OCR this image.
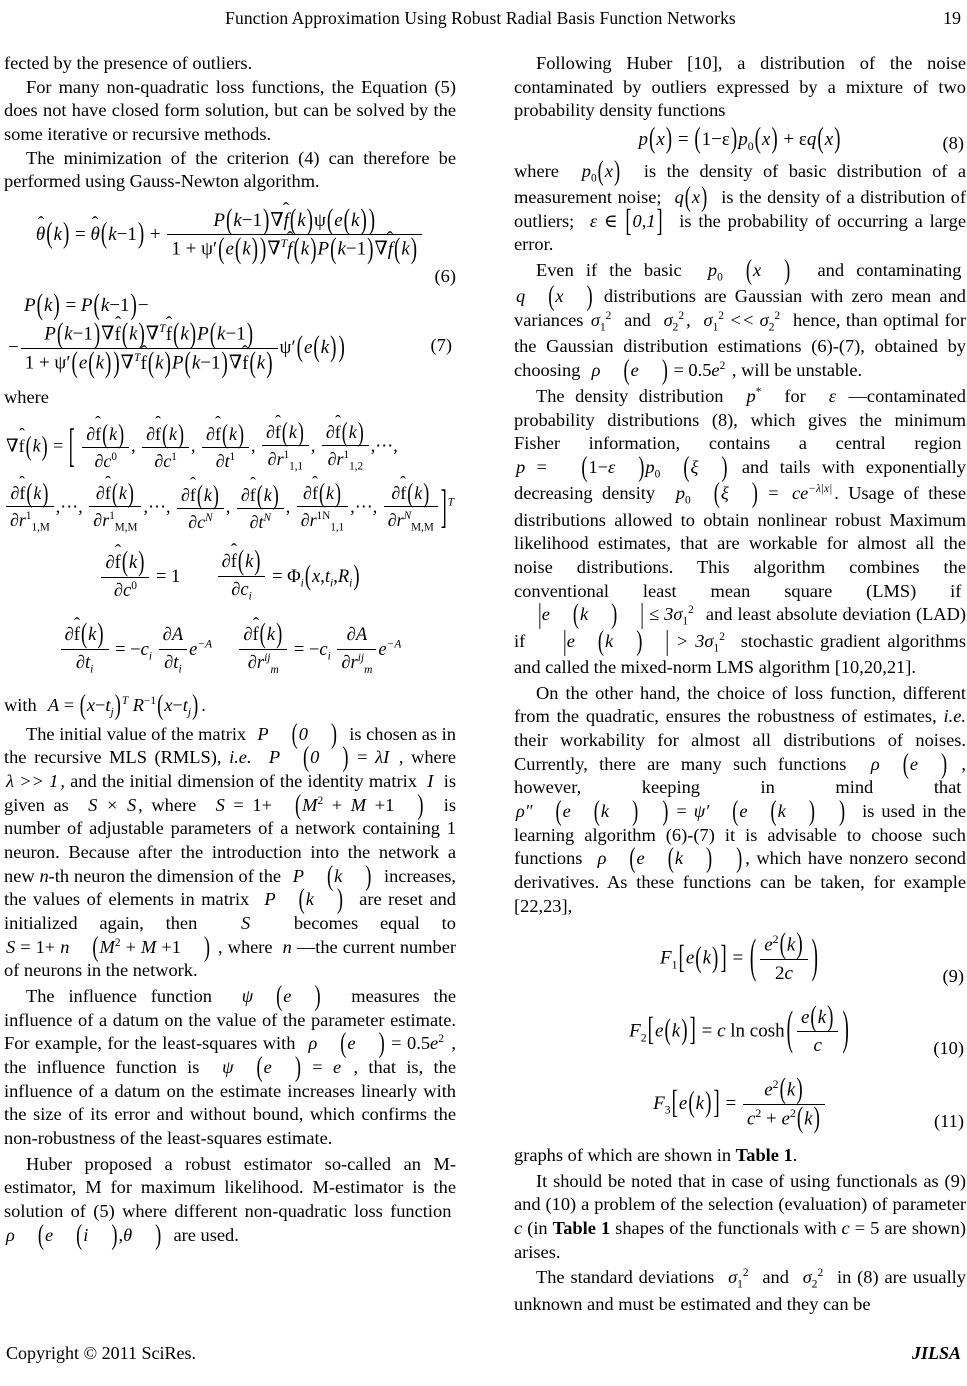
Function Approximation Using Robust Radial Basis Function Networks	19

fected by the presence of outliers.

For many non-quadratic loss functions, the Equation (5) does not have closed form solution, but can be solved by the some iterative or recursive methods.

The minimization of the criterion (4) can therefore be performed using Gauss-Newton algorithm.

θ ˆ(k) = θ ˆ(k−1) + $\frac{\text{P(k−1)∇f ˆ(k)ψ(e(k) )}}{1 + \psi'(e(k) )\nabla^Tf ˆ(k)P(k-1)\nabla f ˆ(k)}$
(6)
P(k) = P(k−1)−
− $\frac{P(k-1)\nabla f ˆ(k)\nabla^Tf ˆ(k)P(k-1)}{1 + \psi'(e(k) )\nabla^Tf ˆ(k)P(k-1)\nabla f ˆ(k)} \psi'(e(k)$ )	(7)

where

∇f ˆ(k) = [ $\frac{\text{∂f ˆ(k)}}{\partial c^0}$ , $\frac{\text{∂f ˆ(k)}}{\partial c^1}$ , $\frac{\text{∂f ˆ(k)}}{\partial t^1}$ , $\frac{\text{∂f ˆ(k)}}{\partial r^1_{1,1}}$ , $\frac{\text{∂f ˆ(k)}}{\partial r^1_{1,2}}$ ,⋯,
$\frac{\text{∂f ˆ(k)}}{\partial r^1_{1,M}}$ ,⋯, $\frac{\text{∂f ˆ(k)}}{\partial r^1_{M,M}}$ ,⋯, $\frac{\text{∂f ˆ(k)}}{\partial c^N}$ , $\frac{\text{∂f ˆ(k)}}{\partial t^N}$ , $\frac{\text{∂f ˆ(k)}}{\partial r^{1N}_{1,1}}$ ,⋯, $\frac{\text{∂f ˆ(k)}}{\partial r^N_{M,M}} ]^T$
$\frac{\text{∂f ˆ(k)}}{\partial c^0} = 1 \frac{\text{∂f ˆ(k)}}{\partial c_i} = \Phi_i(x,t_i,R_i)$
$\frac{\text{∂f ˆ(k)}}{\partial t_i} = -c_i \frac{\partial A}{\partial t_i} e^{-A} \frac{\text{∂f ˆ(k)}}{\partial r^{ij}_m} = -c_i \frac{\partial A}{\partial r^{ij}_m} e^{-A}$

with  $A = (x-t_j)^T$ $R^{-1}(x-t_j)$ .

The initial value of the matrix  P (0 )  is chosen as in the recursive MLS (RMLS), i.e. P (0 ) = λI , where λ >> 1 , and the initial dimension of the identity matrix  I  is given as  S × S , where  $S = 1+ (M^2 + M +1$ )  is number of adjustable parameters of a network containing 1 neuron. Because after the introduction into the network a new n-th neuron the dimension of the  P (k )  increases, the values of elements in matrix  P (k )  are reset and initialized again, then  S  becomes equal to S = 1+ n ($M^2 + M +1$ ) , where  n —the current number of neurons in the network.

The influence function  ψ (e )  measures the influence of a datum on the value of the parameter estimate. For example, for the least-squares with  ρ (e ) = $0.5e^2$ , the influence function is  ψ (e ) = e , that is, the influence of a datum on the estimate increases linearly with the size of its error and without bound, which confirms the non-robustness of the least-squares estimate.

Huber proposed a robust estimator so-called an M-estimator, M for maximum likelihood. M-estimator is the solution of (5) where different non-quadratic loss function  ρ (e (i ),θ )  are used.

Following Huber [10], a distribution of the noise contaminated by outliers expressed by a mixture of two probability density functions

$p(x) = (1-\varepsilon)p_0(x) + \varepsilon q(x)$	(8)

where  $p_0(x)$  is the density of basic distribution of a measurement noise;  q(x)  is the density of a distribution of outliers;  ε ∈ [0,1]  is the probability of occurring a large error.

Even if the basic  $p_0$ (x )  and contaminating  q (x ) distributions are Gaussian with zero mean and variances $\sigma_1^2$  and  $\sigma_2^2$ ,  $\sigma_1^2 << \sigma_2^2$  hence, than optimal for the Gaussian distribution estimations (6)-(7), obtained by choosing  ρ (e ) = $0.5e^2$ , will be unstable.

The density distribution  p*  for  ε —contaminated probability distributions (8), which gives the minimum Fisher information, contains a central region  p = (1−ε )$p_0$ (ξ ) and tails with exponentially decreasing density  $p_0$ (ξ ) = $ce^{-\lambda|x|}$ . Usage of these distributions allowed to obtain nonlinear robust Maximum likelihood estimates, that are workable for almost all the noise distributions. This algorithm combines the conventional least mean square (LMS) if  |e (k ) | ≤ $3\sigma_1^2$  and least absolute deviation (LAD) if  |e (k ) | > $3\sigma_1^2$  stochastic gradient algorithms and called the mixed-norm LMS algorithm [10,20,21].

On the other hand, the choice of loss function, different from the quadratic, ensures the robustness of estimates, i.e. their workability for almost all distributions of noises. Currently, there are many such functions  ρ (e ) , however, keeping in mind that  ρ″ (e (k ) ) = ψ′ (e (k ) )  is used in the learning algorithm (6)-(7) it is advisable to choose such functions  ρ (e (k ) ) , which have nonzero second derivatives. As these functions can be taken, for example [22,23],

$F_1[e(k)$ ] = ( $\frac{e^2(k)}{2c}$ )	(9)
$F_2[e(k)$ ] = c ln cosh ( $\frac{e(k)}{c}$ )	(10)
$F_3[e(k)$ ] = $\frac{e^2(k)}{c^2 + e^2(k)}$	(11)

graphs of which are shown in Table 1.

It should be noted that in case of using functionals as (9) and (10) a problem of the selection (evaluation) of parameter c (in Table 1 shapes of the functionals with c = 5 are shown) arises.

The standard deviations  $\sigma_1^2$  and  $\sigma_2^2$  in (8) are usually unknown and must be estimated and they can be

Copyright © 2011 SciRes.	JILSA
